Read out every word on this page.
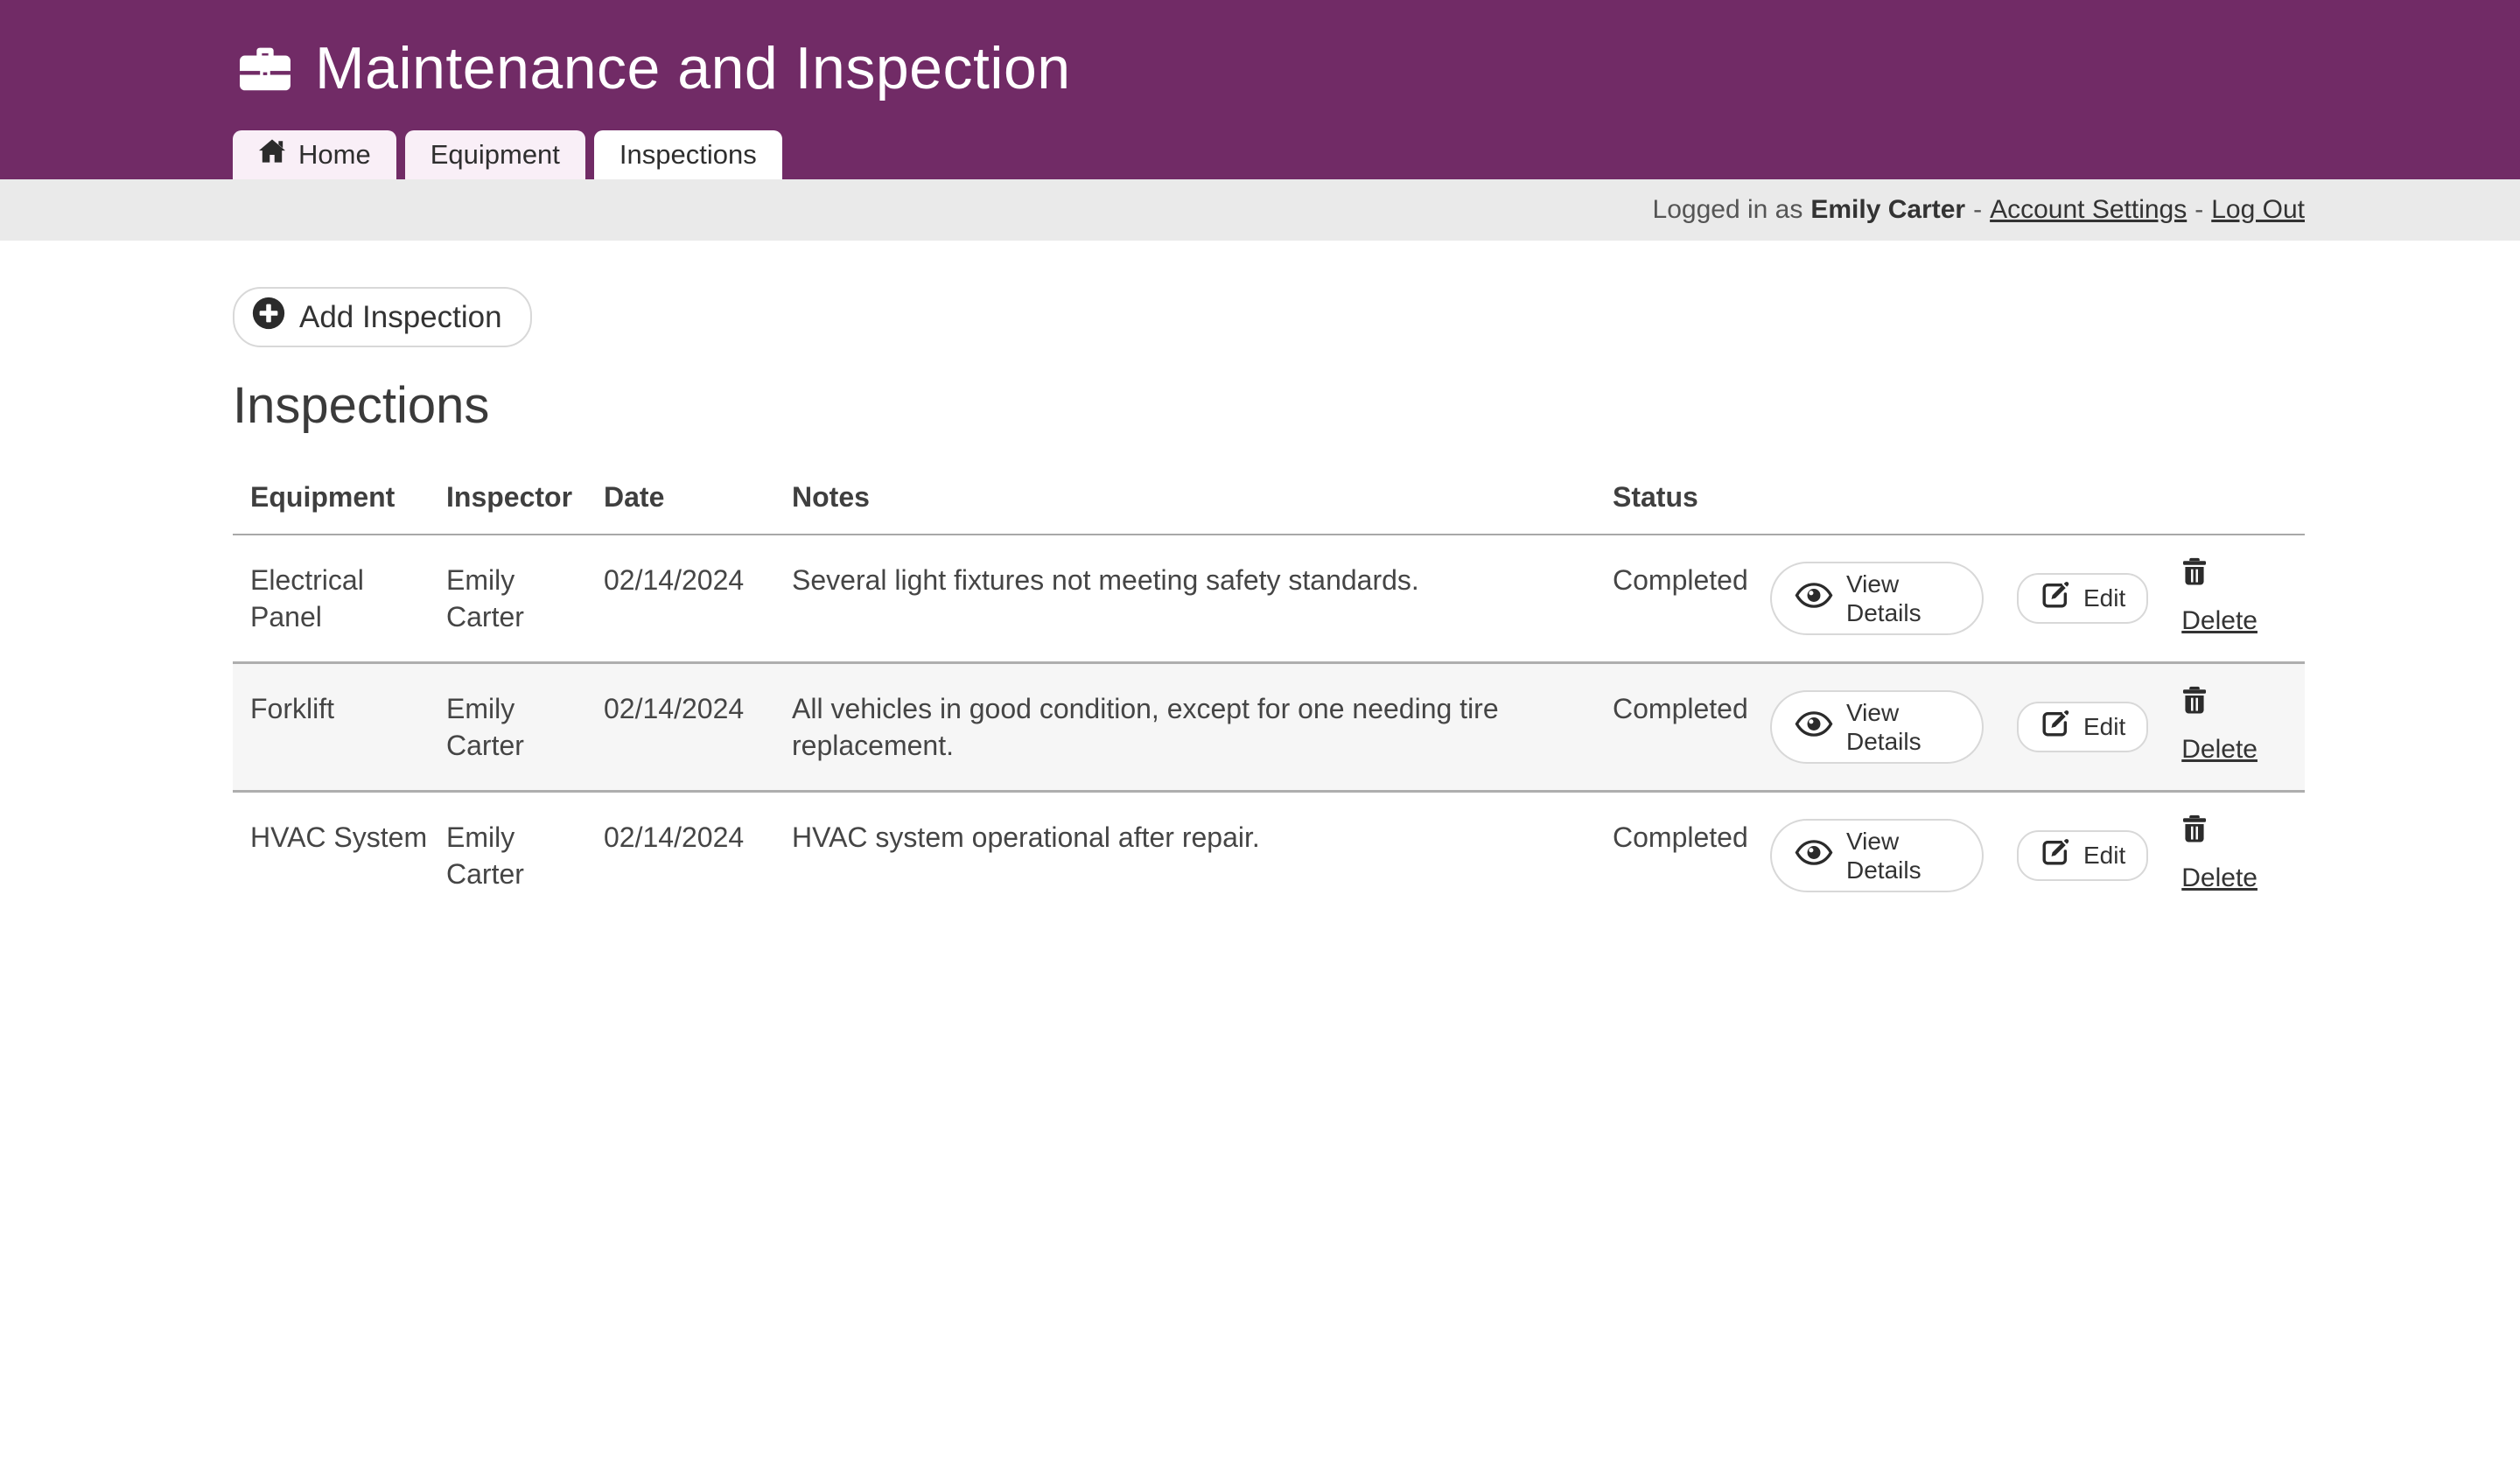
Maintenance and Inspection
Home Equipment Inspections
Logged in as Emily Carter - Account Settings - Log Out
Add Inspection
Inspections
Equipment	Inspector	Date	Notes	Status	
Electrical Panel	Emily Carter	02/14/2024	Several light fixtures not meeting safety standards.	Completed	View Details
Edit
Delete

Forklift	Emily Carter	02/14/2024	All vehicles in good condition, except for one needing tire replacement.	Completed	View Details
Edit
Delete

HVAC System	Emily Carter	02/14/2024	HVAC system operational after repair.	Completed	View Details
Edit
Delete
